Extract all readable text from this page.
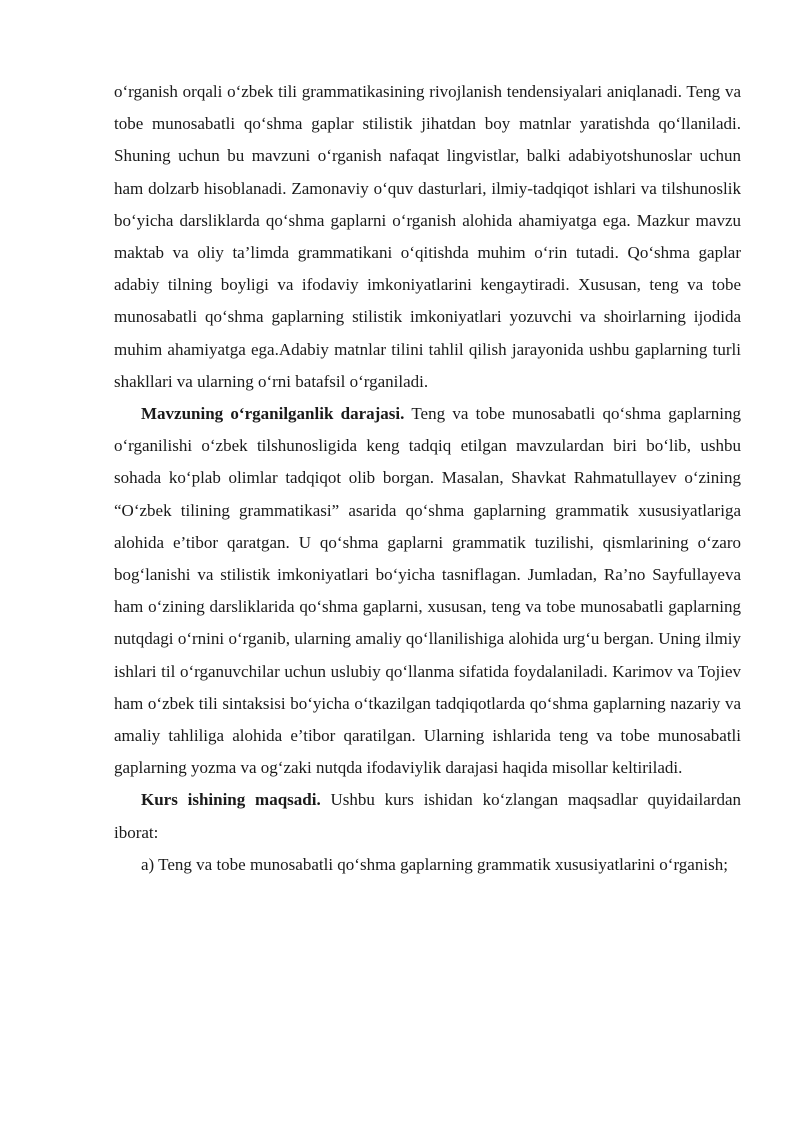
o‘rganish orqali o‘zbek tili grammatikasining rivojlanish tendensiyalari aniqlanadi. Teng va tobe munosabatli qo‘shma gaplar stilistik jihatdan boy matnlar yaratishda qo‘llaniladi. Shuning uchun bu mavzuni o‘rganish nafaqat lingvistlar, balki adabiyotshunoslar uchun ham dolzarb hisoblanadi. Zamonaviy o‘quv dasturlari, ilmiy-tadqiqot ishlari va tilshunoslik bo‘yicha darsliklarda qo‘shma gaplarni o‘rganish alohida ahamiyatga ega. Mazkur mavzu maktab va oliy ta’limda grammatikani o‘qitishda muhim o‘rin tutadi. Qo‘shma gaplar adabiy tilning boyligi va ifodaviy imkoniyatlarini kengaytiradi. Xususan, teng va tobe munosabatli qo‘shma gaplarning stilistik imkoniyatlari yozuvchi va shoirlarning ijodida muhim ahamiyatga ega.Adabiy matnlar tilini tahlil qilish jarayonida ushbu gaplarning turli shakllari va ularning o‘rni batafsil o‘rganiladi.

Mavzuning o‘rganilganlik darajasi. Teng va tobe munosabatli qo‘shma gaplarning o‘rganilishi o‘zbek tilshunosligida keng tadqiq etilgan mavzulardan biri bo‘lib, ushbu sohada ko‘plab olimlar tadqiqot olib borgan. Masalan, Shavkat Rahmatullayev o‘zining “O‘zbek tilining grammatikasi” asarida qo‘shma gaplarning grammatik xususiyatlariga alohida e’tibor qaratgan. U qo‘shma gaplarni grammatik tuzilishi, qismlarining o‘zaro bog‘lanishi va stilistik imkoniyatlari bo‘yicha tasniflagan. Jumladan, Ra’no Sayfullayeva ham o‘zining darsliklarida qo‘shma gaplarni, xususan, teng va tobe munosabatli gaplarning nutqdagi o‘rnini o‘rganib, ularning amaliy qo‘llanilishiga alohida urg‘u bergan. Uning ilmiy ishlari til o‘rganuvchilar uchun uslubiy qo‘llanma sifatida foydalaniladi. Karimov va Tojiev ham o‘zbek tili sintaksisi bo‘yicha o‘tkazilgan tadqiqotlarda qo‘shma gaplarning nazariy va amaliy tahliliga alohida e’tibor qaratilgan. Ularning ishlarida teng va tobe munosabatli gaplarning yozma va og‘zaki nutqda ifodaviylik darajasi haqida misollar keltiriladi.

Kurs ishining maqsadi. Ushbu kurs ishidan ko‘zlangan maqsadlar quyidailardan iborat:

a) Teng va tobe munosabatli qo‘shma gaplarning grammatik xususiyatlarini o‘rganish;
